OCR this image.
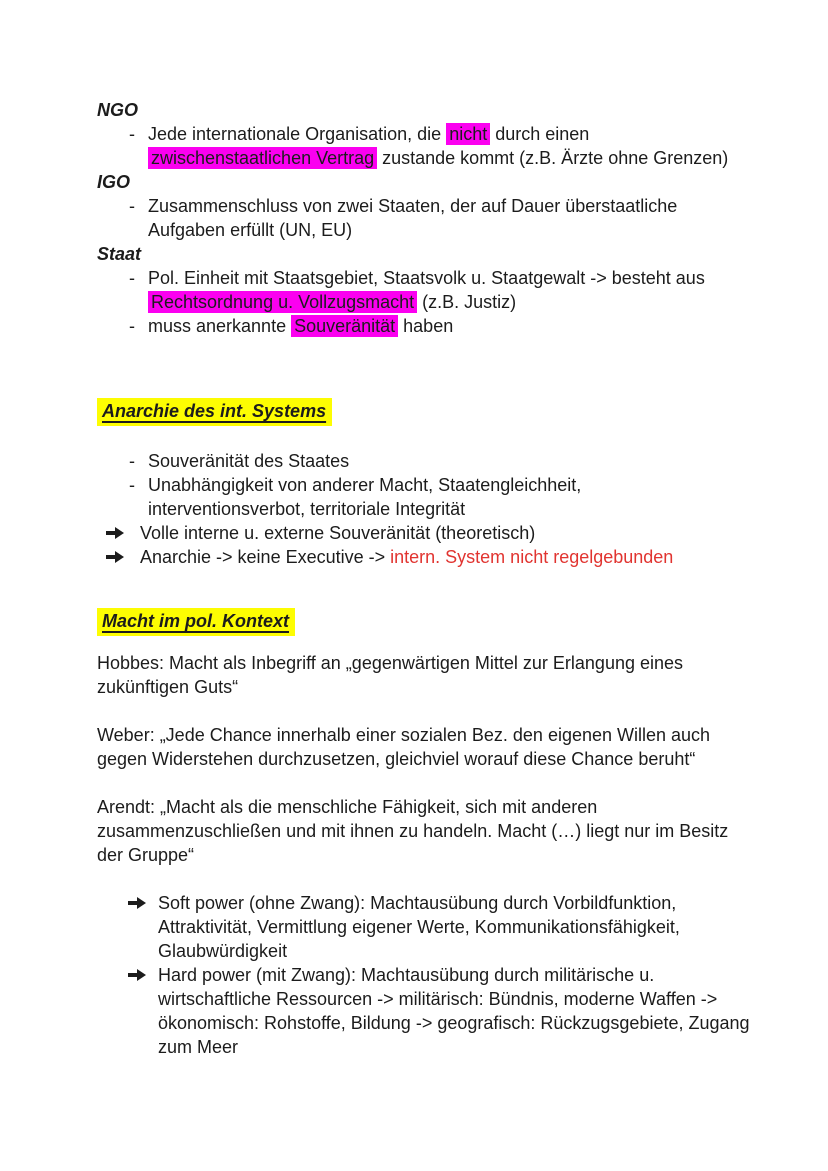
NGO
- Jede internationale Organisation, die nicht durch einen
zwischenstaatlichen Vertrag zustande kommt (z.B. Ärzte ohne Grenzen)
IGO
- Zusammenschluss von zwei Staaten, der auf Dauer überstaatliche
Aufgaben erfüllt (UN, EU)
Staat
- Pol. Einheit mit Staatsgebiet, Staatsvolk u. Staatgewalt -> besteht aus
Rechtsordnung u. Vollzugsmacht (z.B. Justiz)
- muss anerkannte Souveränität haben
Anarchie des int. Systems
- Souveränität des Staates
- Unabhängigkeit von anderer Macht, Staatengleichheit,
interventionsverbot, territoriale Integrität
Volle interne u. externe Souveränität (theoretisch)
Anarchie -> keine Executive -> intern. System nicht regelgebunden
Macht im pol. Kontext
Hobbes: Macht als Inbegriff an „gegenwärtigen Mittel zur Erlangung eines
zukünftigen Guts“
Weber: „Jede Chance innerhalb einer sozialen Bez. den eigenen Willen auch
gegen Widerstehen durchzusetzen, gleichviel worauf diese Chance beruht“
Arendt: „Macht als die menschliche Fähigkeit, sich mit anderen
zusammenzuschließen und mit ihnen zu handeln. Macht (…) liegt nur im Besitz
der Gruppe“
Soft power (ohne Zwang): Machtausübung durch Vorbildfunktion,
Attraktivität, Vermittlung eigener Werte, Kommunikationsfähigkeit,
Glaubwürdigkeit
Hard power (mit Zwang): Machtausübung durch militärische u.
wirtschaftliche Ressourcen -> militärisch: Bündnis, moderne Waffen ->
ökonomisch: Rohstoffe, Bildung -> geografisch: Rückzugsgebiete, Zugang
zum Meer
